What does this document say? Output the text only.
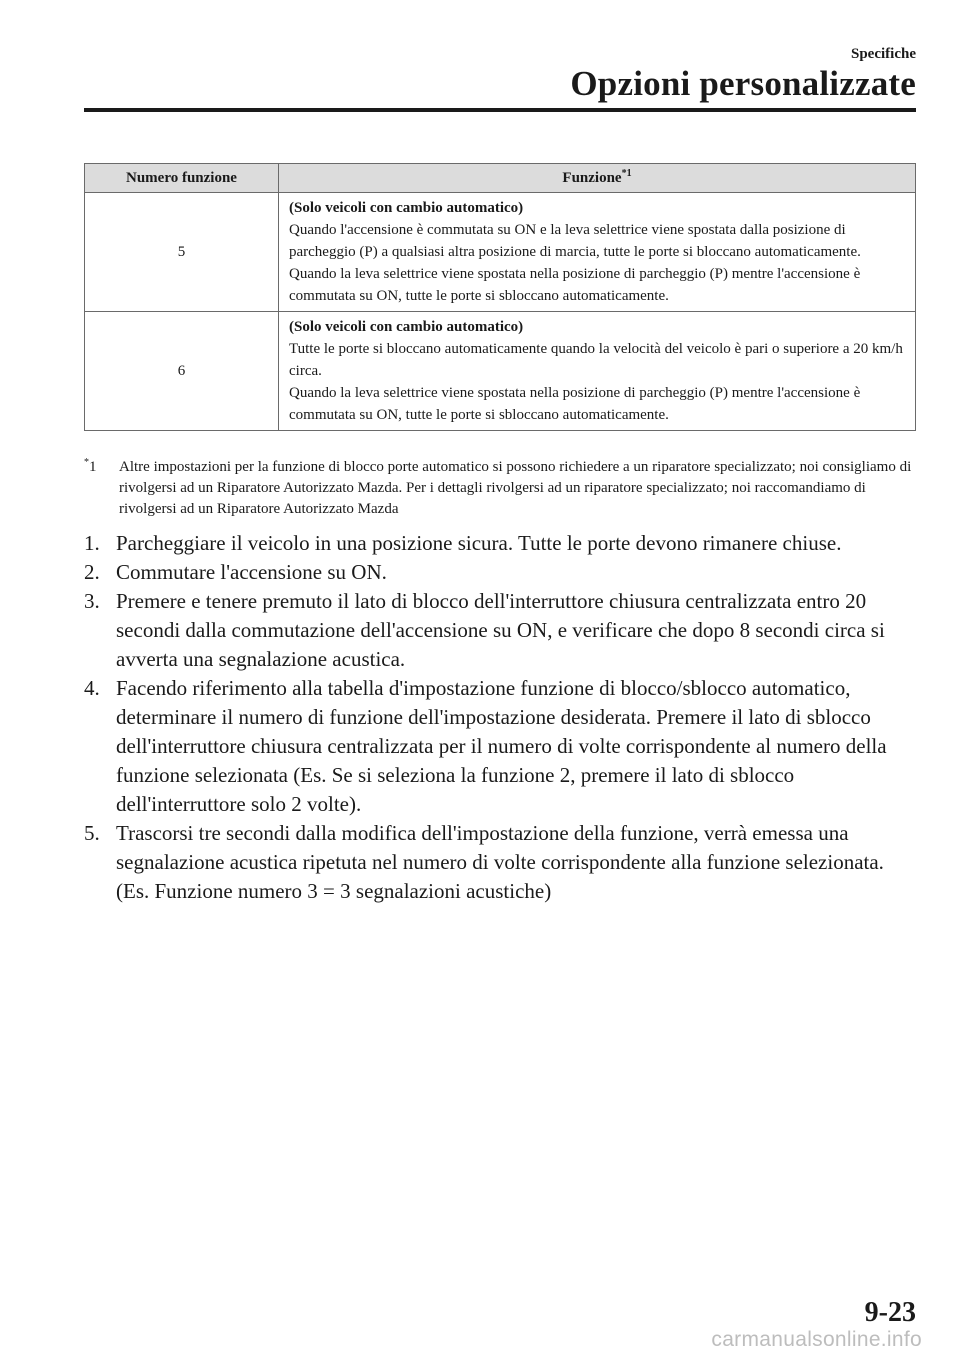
Specifiche
Opzioni personalizzate
Numero funzione	Funzione$^{*1}$
5	(Solo veicoli con cambio automatico)
Quando l'accensione è commutata su ON e la leva selettrice viene spostata dalla posizione di parcheggio (P) a qualsiasi altra posizione di marcia, tutte le porte si bloccano automaticamente.
Quando la leva selettrice viene spostata nella posizione di parcheggio (P) mentre l'accensione è commutata su ON, tutte le porte si sbloccano automaticamente.

6	(Solo veicoli con cambio automatico)
Tutte le porte si bloccano automaticamente quando la velocità del veicolo è pari o superiore a 20 km/h circa.
Quando la leva selettrice viene spostata nella posizione di parcheggio (P) mentre l'accensione è commutata su ON, tutte le porte si sbloccano automaticamente.
*1	Altre impostazioni per la funzione di blocco porte automatico si possono richiedere a un riparatore specializzato; noi consigliamo di rivolgersi ad un Riparatore Autorizzato Mazda. Per i dettagli rivolgersi ad un riparatore specializzato; noi raccomandiamo di rivolgersi ad un Riparatore Autorizzato Mazda
1. Parcheggiare il veicolo in una posizione sicura. Tutte le porte devono rimanere chiuse.
2. Commutare l'accensione su ON.
3. Premere e tenere premuto il lato di blocco dell'interruttore chiusura centralizzata entro 20 secondi dalla commutazione dell'accensione su ON, e verificare che dopo 8 secondi circa si avverta una segnalazione acustica.
4. Facendo riferimento alla tabella d'impostazione funzione di blocco/sblocco automatico, determinare il numero di funzione dell'impostazione desiderata. Premere il lato di sblocco dell'interruttore chiusura centralizzata per il numero di volte corrispondente al numero della funzione selezionata (Es. Se si seleziona la funzione 2, premere il lato di sblocco dell'interruttore solo 2 volte).
5. Trascorsi tre secondi dalla modifica dell'impostazione della funzione, verrà emessa una segnalazione acustica ripetuta nel numero di volte corrispondente alla funzione selezionata. (Es. Funzione numero 3 = 3 segnalazioni acustiche)
9-23
carmanualsonline.info
